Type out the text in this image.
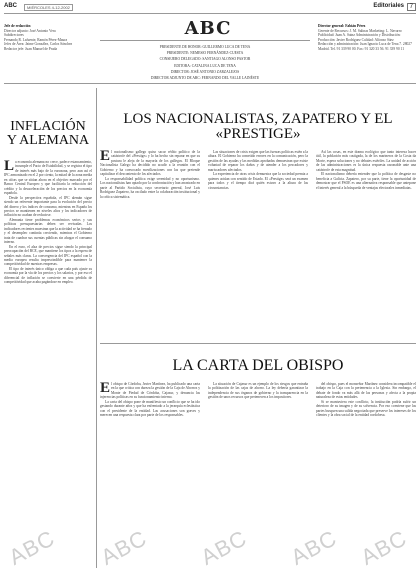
ABC	MIÉRCOLES 4-12-2002	Editoriales 7
ABC
Jefe de redacción
Director adjunto: José Antonio Vera
Subdirectores
Fernando R. Lafuente, Ramón Pérez-Maura
Jefes de Área: Jaime González, Carlos Sánchez
Redactor jefe: Juan Manuel de Prada
Director general: Fabián Pérez
Gerente de Recursos: J. M. Salinas Marketing: L. Navarro
Publicidad: Juan A. Sainz Administración y Distribución:
Producción: Javier Rodríguez Calidad: Alfonso Sáez
Redacción y administración: Juan Ignacio Luca de Tena 7. 28027
Madrid. Tel. 91 339 90 00. Fax: 91 320 33 56. 91 339 90 11
PRESIDENTE DE HONOR: GUILLERMO LUCA DE TENA
PRESIDENTE: NEMESIO FERNÁNDEZ-CUESTA
CONSEJERO DELEGADO: SANTIAGO ALONSO PASTOR
EDITORA: CATALINA LUCA DE TENA
DIRECTOR: JOSÉ ANTONIO ZARZALEJOS
DIRECTOR ADJUNTO DE ABC: FERNANDO DEL VALLE LAINÉSTE
INFLACIÓN Y ALEMANA

La economía alemana no crece, padece estancamiento, incumple el Pacto de Estabilidad, y se registra el tipo de interés más bajo de la eurozona, pero aun así el IPC armonizado en el 2 por ciento, la mitad de la zona media en cifras que se sitúan ahora en el objetivo marcado por el Banco Central Europeo y que facilitaría la reducción del crédito y la desaceleración de los precios en la economía española.

Desde la perspectiva española, el IPC alemán sigue siendo un referente importante para la evolución del precio del dinero y los índices de consumo, mientras en España los precios se mantienen en niveles altos y los indicadores de inflación no acaban de reducirse.

Alemania tiene problemas económicos serios y sus políticas presupuestarias deben ser revisadas. Los indicadores recientes muestran que la actividad se ha frenado y el desempleo continúa creciendo, mientras el Gobierno trata de cuadrar sus cuentas públicas sin ahogar el consumo interno.

En el euro, el alza de precios sigue siendo la principal preocupación del BCE, que mantiene los tipos a la espera de señales más claras. La convergencia del IPC español con la media europea resulta imprescindible para mantener la competitividad de nuestras empresas.

El tipo de interés único obliga a que cada país ajuste su economía por la vía de los precios y los salarios, y por eso el diferencial de inflación se convierte en una pérdida de competitividad que acaba pagándose en empleo.

LOS NACIONALISTAS, ZAPATERO Y EL «PRESTIGE»

El nacionalismo gallego quiso sacar rédito político de la catástrofe del «Prestige» y lo ha hecho sin reparar en que su postura le aleja de la mayoría de los gallegos. El Bloque Nacionalista Galego ha decidido no acudir a la reunión con el Gobierno y ha convocado movilizaciones con las que pretende capitalizar el descontento de los afectados.

La responsabilidad política exige serenidad y no oportunismo. Los nacionalistas han optado por la confrontación y han arrastrado en parte al Partido Socialista, cuyo secretario general, José Luis Rodríguez Zapatero, ha oscilado entre la colaboración institucional y la crítica sistemática.

Las situaciones de crisis exigen que las fuerzas políticas estén a la altura. El Gobierno ha cometido errores en la comunicación, pero la gestión de las ayudas y las medidas aprobadas demuestran que existe voluntad de reparar los daños y de atender a los pescadores y mariscadores afectados.

La experiencia de otras crisis demuestra que la sociedad premia a quienes actúan con sentido de Estado. El «Prestige» será un examen para todos y el tiempo dirá quién estuvo a la altura de las circunstancias.

Así las cosas, en este drama ecológico que tanto interesa hacer útil, la población más castigada, la de los marineros de la Costa da Morte, espera soluciones y no debates estériles. La unidad de acción de las administraciones es la única respuesta razonable ante una catástrofe de esta magnitud.

El nacionalismo debería entender que la política de desgaste no beneficia a Galicia. Zapatero, por su parte, tiene la oportunidad de demostrar que el PSOE es una alternativa responsable que antepone el interés general a la búsqueda de ventajas electorales inmediatas.

LA CARTA DEL OBISPO

El obispo de Córdoba, Javier Martínez, ha publicado una carta en la que critica con dureza la gestión de la Caja de Ahorros y Monte de Piedad de Córdoba, Cajasur, y denuncia las injerencias políticas en su funcionamiento interno.

La carta del obispo pone de manifiesto un conflicto que se ha ido gestando durante años y que ha enfrentado a la jerarquía eclesiástica con el presidente de la entidad. Las acusaciones son graves y merecen una respuesta clara por parte de los responsables.

La situación de Cajasur es un ejemplo de los riesgos que entraña la politización de las cajas de ahorro. La ley debería garantizar la independencia de sus órganos de gobierno y la transparencia en la gestión de unos recursos que pertenecen a los impositores.

del obispo, pues el monseñor Martínez considera incompatible el trabajo en la Caja con la pertenencia a la Iglesia. Sin embargo, el debate de fondo va más allá de las personas y afecta a la propia naturaleza de estas entidades.

Si se mantuviera este conflicto, la institución podría sufrir un deterioro de su imagen y de su solvencia. Por eso conviene que las partes busquen una salida negociada que preserve los intereses de los clientes y la obra social de la entidad cordobesa.

ABC ABC ABC ABC ABC
